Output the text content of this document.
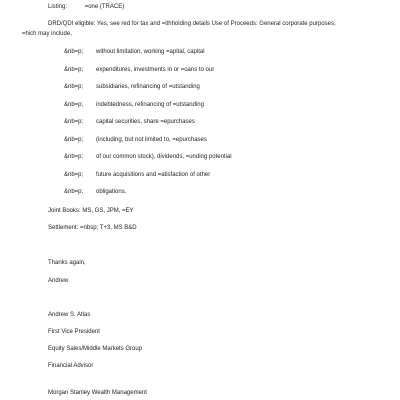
Listing:	=one (TRACE)
DRD/QDI eligible: Yes, see red for tax and =ithholding details Use of Proceeds: General corporate purposes,
=hich may include,
&nb=p; without limitation, working =apital, capital
&nb=p; expenditures, investments in or =oans to our
&nb=p; subsidiaries, refinancing of =utstanding
&nb=p; indebtedness, refinancing of =utstanding
&nb=p; capital securities, share =epurchases
&nb=p; (including, but not limited to, =epurchases
&nb=p; of our common stock), dividends, =unding potential
&nb=p; future acquisitions and =atisfaction of other
&nb=p; obligations.
Joint Books: MS, GS, JPM, =EY
Settlement: =nbsp; T+3, MS B&D
Thanks again,
Andrew
Andrew S. Atlas
First Vice President
Equity Sales/Middle Markets Group
Financial Advisor
Morgan Stanley Wealth Management
